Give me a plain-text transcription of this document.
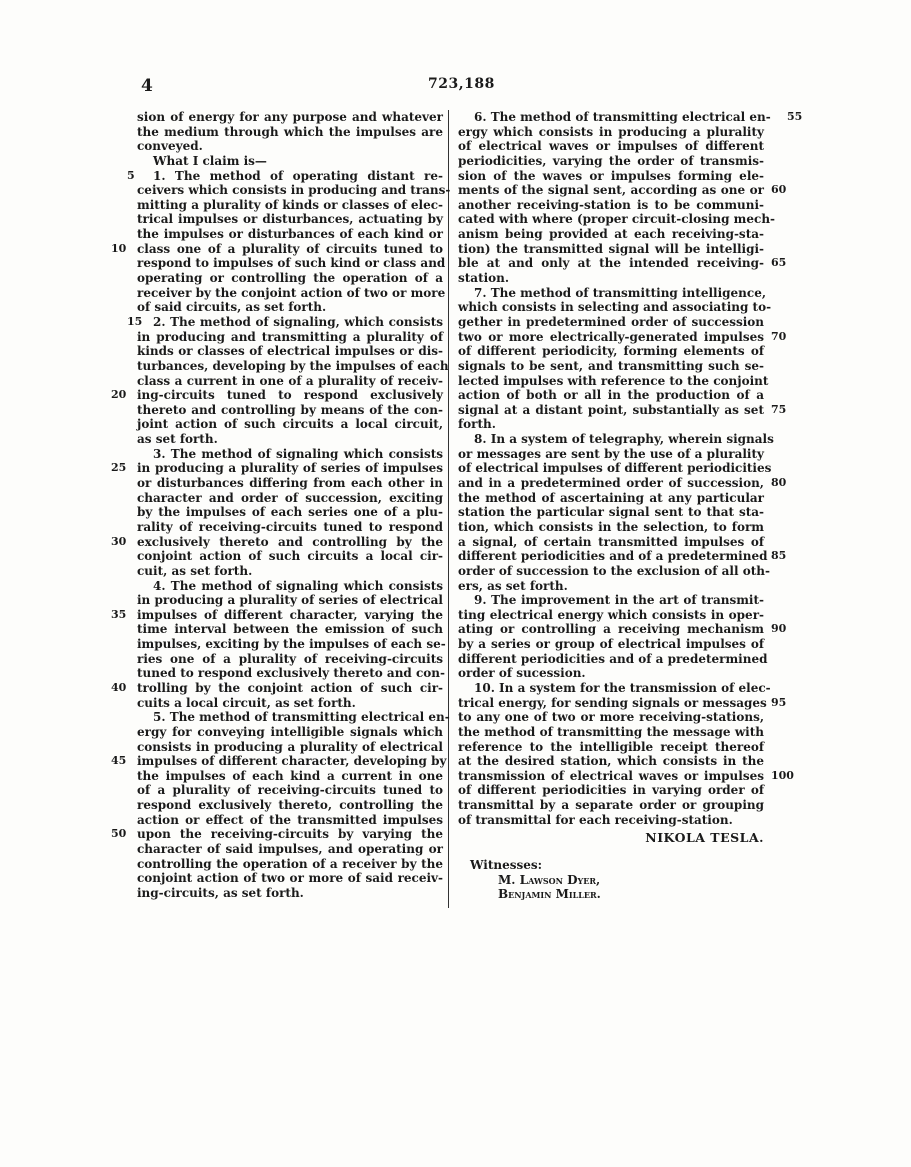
4	723,188
sion of energy for any purpose and whatever
the medium through which the impulses are
conveyed.
What I claim is—
1. The method of operating distant re-
5
ceivers which consists in producing and trans-
mitting a plurality of kinds or classes of elec-
trical impulses or disturbances, actuating by
the impulses or disturbances of each kind or
class one of a plurality of circuits tuned to
10
respond to impulses of such kind or class and
operating or controlling the operation of a
receiver by the conjoint action of two or more
of said circuits, as set forth.
2. The method of signaling, which consists
15
in producing and transmitting a plurality of
kinds or classes of electrical impulses or dis-
turbances, developing by the impulses of each
class a current in one of a plurality of receiv-
ing-circuits tuned to respond exclusively
20
thereto and controlling by means of the con-
joint action of such circuits a local circuit,
as set forth.
3. The method of signaling which consists
in producing a plurality of series of impulses
25
or disturbances differing from each other in
character and order of succession, exciting
by the impulses of each series one of a plu-
rality of receiving-circuits tuned to respond
exclusively thereto and controlling by the
30
conjoint action of such circuits a local cir-
cuit, as set forth.
4. The method of signaling which consists
in producing a plurality of series of electrical
impulses of different character, varying the
35
time interval between the emission of such
impulses, exciting by the impulses of each se-
ries one of a plurality of receiving-circuits
tuned to respond exclusively thereto and con-
trolling by the conjoint action of such cir-
40
cuits a local circuit, as set forth.
5. The method of transmitting electrical en-
ergy for conveying intelligible signals which
consists in producing a plurality of electrical
impulses of different character, developing by
45
the impulses of each kind a current in one
of a plurality of receiving-circuits tuned to
respond exclusively thereto, controlling the
action or effect of the transmitted impulses
upon the receiving-circuits by varying the
50
character of said impulses, and operating or
controlling the operation of a receiver by the
conjoint action of two or more of said receiv-
ing-circuits, as set forth.
6. The method of transmitting electrical en-	55
ergy which consists in producing a plurality
of electrical waves or impulses of different
periodicities, varying the order of transmis-
sion of the waves or impulses forming ele-
ments of the signal sent, according as one or 60
another receiving-station is to be communi-
cated with where (proper circuit-closing mech-
anism being provided at each receiving-sta-
tion) the transmitted signal will be intelligi-
ble at and only at the intended receiving- 65
station.
7. The method of transmitting intelligence,
which consists in selecting and associating to-
gether in predetermined order of succession
two or more electrically-generated impulses 70
of different periodicity, forming elements of
signals to be sent, and transmitting such se-
lected impulses with reference to the conjoint
action of both or all in the production of a
signal at a distant point, substantially as set 75
forth.
8. In a system of telegraphy, wherein signals
or messages are sent by the use of a plurality
of electrical impulses of different periodicities
and in a predetermined order of succession, 80
the method of ascertaining at any particular
station the particular signal sent to that sta-
tion, which consists in the selection, to form
a signal, of certain transmitted impulses of
different periodicities and of a predetermined 85
order of succession to the exclusion of all oth-
ers, as set forth.
9. The improvement in the art of transmit-
ting electrical energy which consists in oper-
ating or controlling a receiving mechanism 90
by a series or group of electrical impulses of
different periodicities and of a predetermined
order of sucession.
10. In a system for the transmission of elec-
trical energy, for sending signals or messages 95
to any one of two or more receiving-stations,
the method of transmitting the message with
reference to the intelligible receipt thereof
at the desired station, which consists in the
transmission of electrical waves or impulses 100
of different periodicities in varying order of
transmittal by a separate order or grouping
of transmittal for each receiving-station.
NIKOLA TESLA.
Witnesses:
M. Lawson Dyer,
Benjamin Miller.
